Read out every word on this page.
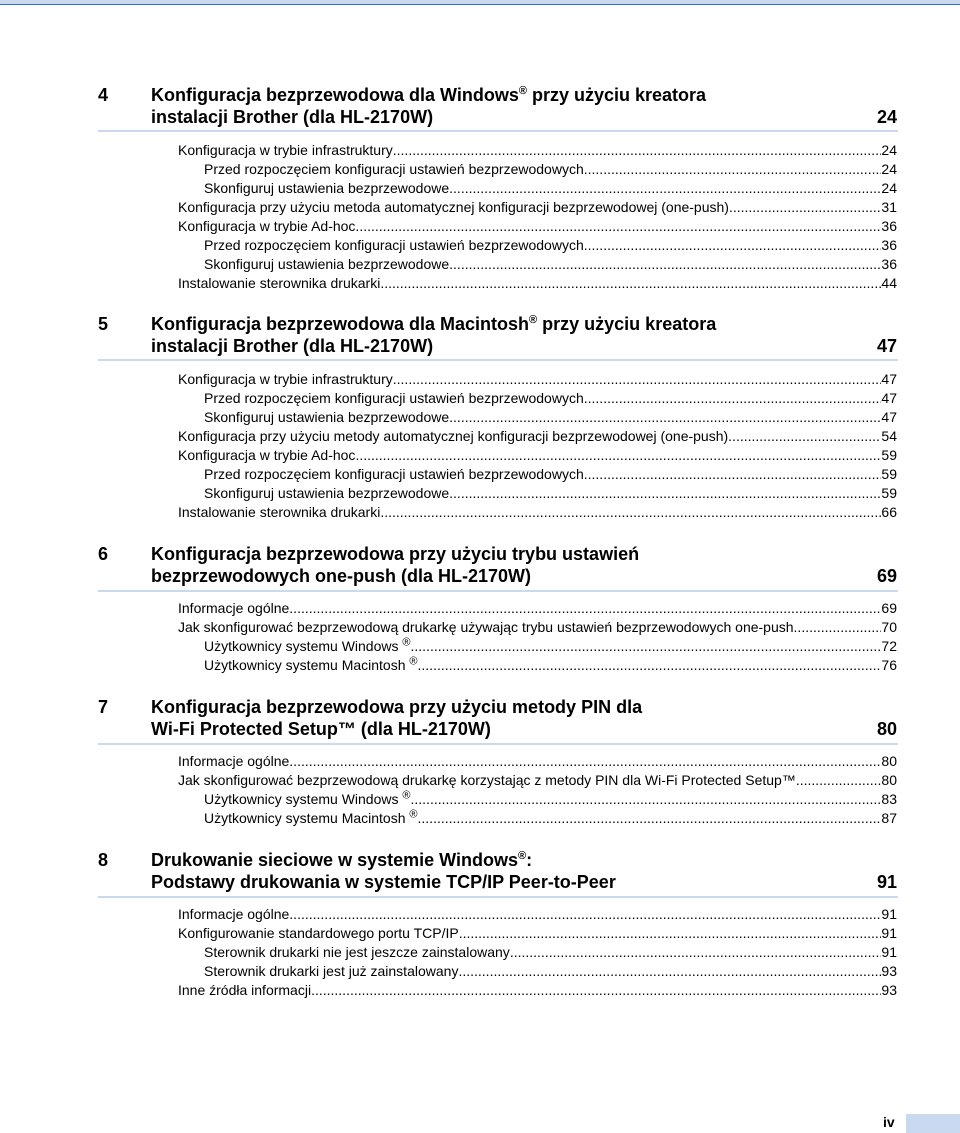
4 Konfiguracja bezprzewodowa dla Windows® przy użyciu kreatora
instalacji Brother (dla HL-2170W)	24
Konfiguracja w trybie infrastruktury .....	24
Przed rozpoczęciem konfiguracji ustawień bezprzewodowych .....	24
Skonfiguruj ustawienia bezprzewodowe .....	24
Konfiguracja przy użyciu metoda automatycznej konfiguracji bezprzewodowej (one-push) .....	31
Konfiguracja w trybie Ad-hoc. .....	36
Przed rozpoczęciem konfiguracji ustawień bezprzewodowych .....	36
Skonfiguruj ustawienia bezprzewodowe .....	36
Instalowanie sterownika drukarki .....	44
5 Konfiguracja bezprzewodowa dla Macintosh® przy użyciu kreatora
instalacji Brother (dla HL-2170W)	47
Konfiguracja w trybie infrastruktury .....	47
Przed rozpoczęciem konfiguracji ustawień bezprzewodowych .....	47
Skonfiguruj ustawienia bezprzewodowe .....	47
Konfiguracja przy użyciu metody automatycznej konfiguracji bezprzewodowej (one-push) .....	54
Konfiguracja w trybie Ad-hoc .....	59
Przed rozpoczęciem konfiguracji ustawień bezprzewodowych .....	59
Skonfiguruj ustawienia bezprzewodowe .....	59
Instalowanie sterownika drukarki .....	66
6 Konfiguracja bezprzewodowa przy użyciu trybu ustawień
bezprzewodowych one-push (dla HL-2170W)	69
Informacje ogólne .....	69
Jak skonfigurować bezprzewodową drukarkę używając trybu ustawień bezprzewodowych one-push .....	70
Użytkownicy systemu Windows ® .....	72
Użytkownicy systemu Macintosh ® .....	76
7 Konfiguracja bezprzewodowa przy użyciu metody PIN dla
Wi-Fi Protected Setup™ (dla HL-2170W)	80
Informacje ogólne .....	80
Jak skonfigurować bezprzewodową drukarkę korzystając z metody PIN dla Wi-Fi Protected Setup™ .....	80
Użytkownicy systemu Windows ® .....	83
Użytkownicy systemu Macintosh ® .....	87
8 Drukowanie sieciowe w systemie Windows®:
Podstawy drukowania w systemie TCP/IP Peer-to-Peer	91
Informacje ogólne .....	91
Konfigurowanie standardowego portu TCP/IP .....	91
Sterownik drukarki nie jest jeszcze zainstalowany .....	91
Sterownik drukarki jest już zainstalowany .....	93
Inne źródła informacji .....	93
iv
